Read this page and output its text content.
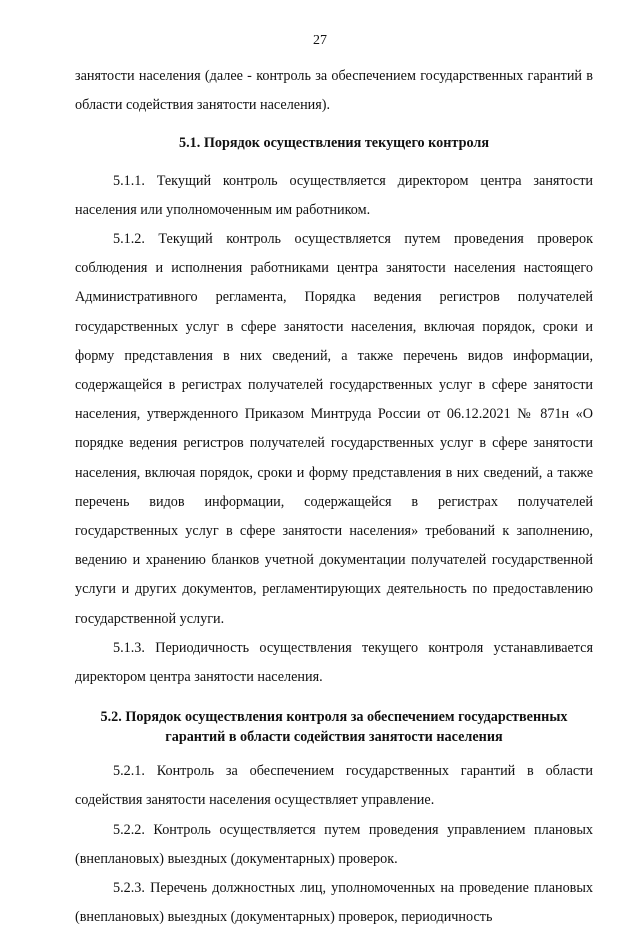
27

занятости населения (далее - контроль за обеспечением государственных гарантий в области содействия занятости населения).

5.1. Порядок осуществления текущего контроля

5.1.1. Текущий контроль осуществляется директором центра занятости населения или уполномоченным им работником.

5.1.2. Текущий контроль осуществляется путем проведения проверок соблюдения и исполнения работниками центра занятости населения настоящего Административного регламента, Порядка ведения регистров получателей государственных услуг в сфере занятости населения, включая порядок, сроки и форму представления в них сведений, а также перечень видов информации, содержащейся в регистрах получателей государственных услуг в сфере занятости населения, утвержденного Приказом Минтруда России от 06.12.2021 № 871н «О порядке ведения регистров получателей государственных услуг в сфере занятости населения, включая порядок, сроки и форму представления в них сведений, а также перечень видов информации, содержащейся в регистрах получателей государственных услуг в сфере занятости населения» требований к заполнению, ведению и хранению бланков учетной документации получателей государственной услуги и других документов, регламентирующих деятельность по предоставлению государственной услуги.

5.1.3. Периодичность осуществления текущего контроля устанавливается директором центра занятости населения.

5.2. Порядок осуществления контроля за обеспечением государственных гарантий в области содействия занятости населения

5.2.1. Контроль за обеспечением государственных гарантий в области содействия занятости населения осуществляет управление.

5.2.2. Контроль осуществляется путем проведения управлением плановых (внеплановых) выездных (документарных) проверок.

5.2.3. Перечень должностных лиц, уполномоченных на проведение плановых (внеплановых) выездных (документарных) проверок, периодичность
